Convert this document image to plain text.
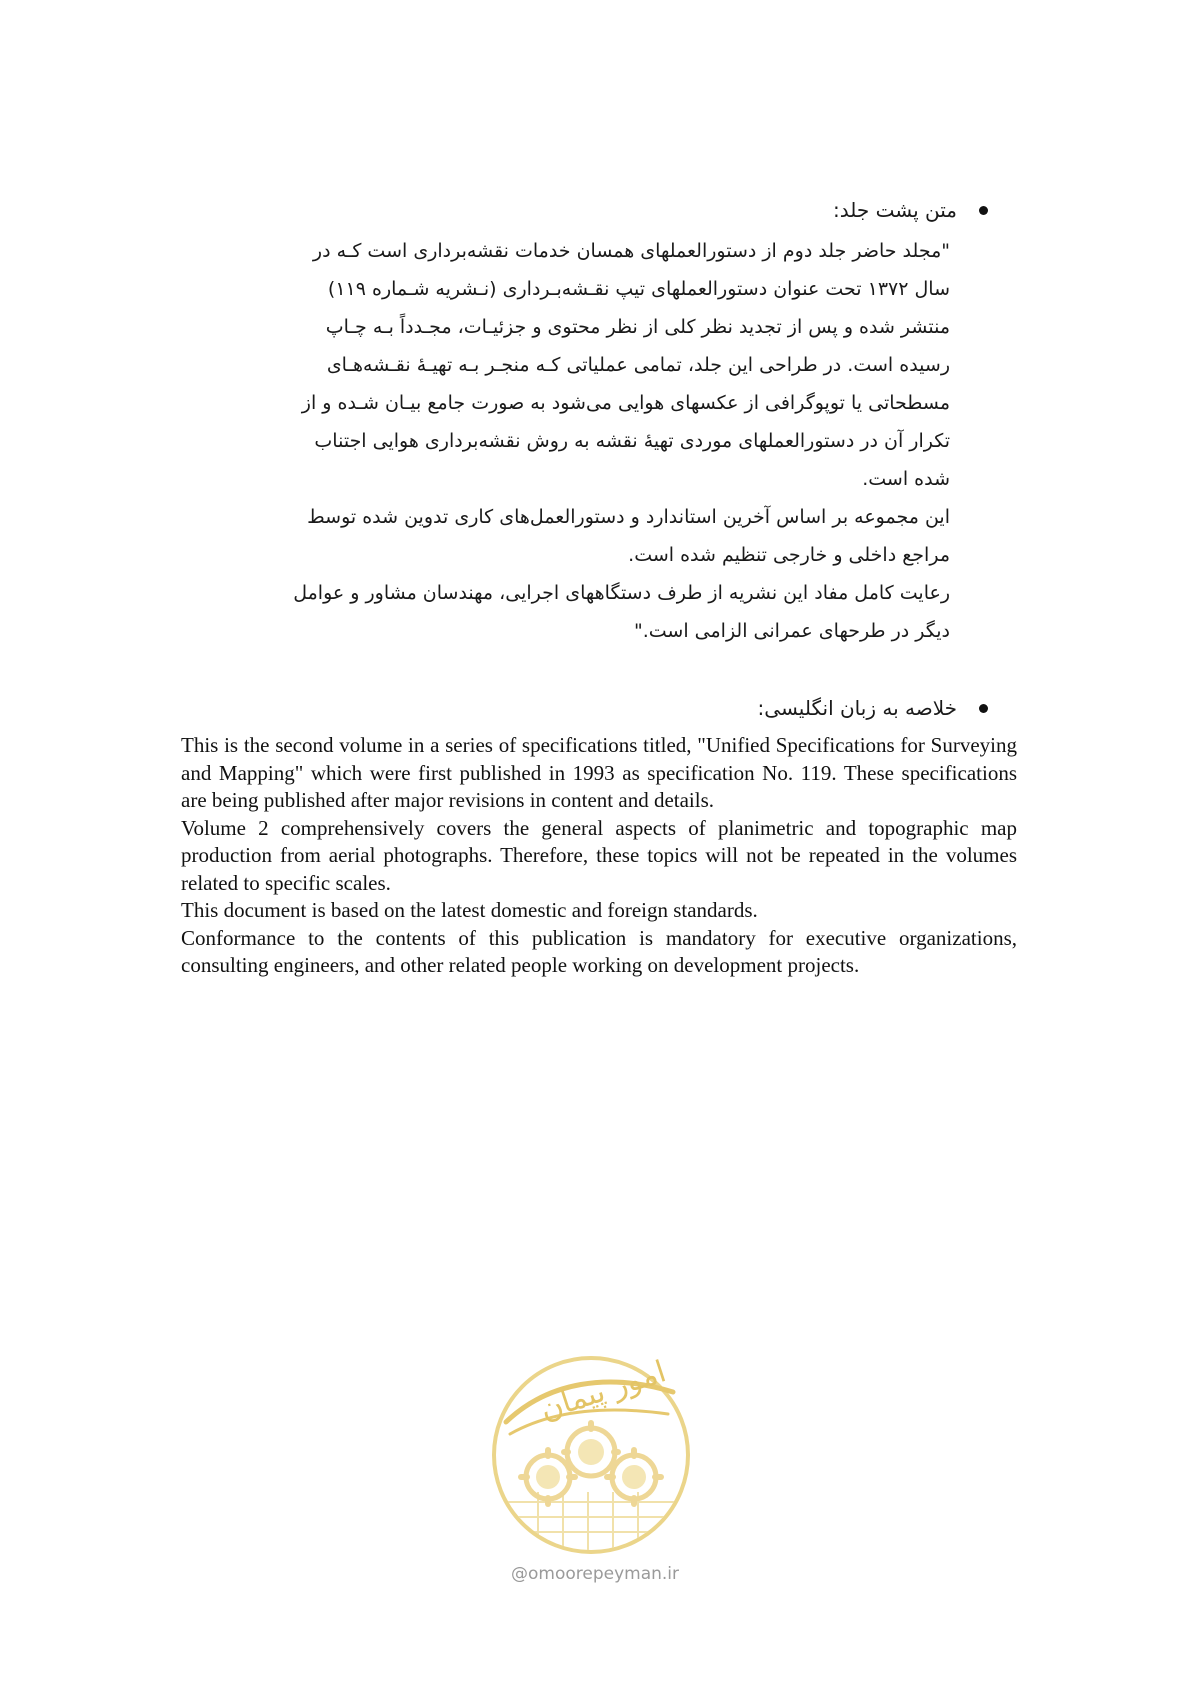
متن پشت جلد:
"مجلد حاضر جلد دوم از دستورالعملهای همسان خدمات نقشه‌برداری است کـه در
سال ۱۳۷۲ تحت عنوان دستورالعملهای تیپ نقـشه‌بـرداری (نـشریه شـماره ۱۱۹)
منتشر شده و پس از تجدید نظر کلی از نظر محتوی و جزئیـات، مجـدداً بـه چـاپ
رسیده است. در طراحی این جلد، تمامی عملیاتی کـه منجـر بـه تهیـهٔ نقـشه‌هـای
مسطحاتی یا توپوگرافی از عکسهای هوایی می‌شود به صورت جامع بیـان شـده و از
تکرار آن در دستورالعملهای موردی تهیهٔ نقشه به روش نقشه‌برداری هوایی اجتناب
شده است.
این مجموعه بر اساس آخرین استاندارد و دستورالعمل‌های کاری تدوین شده توسط
مراجع داخلی و خارجی تنظیم شده است.
رعایت کامل مفاد این نشریه از طرف دستگاههای اجرایی، مهندسان مشاور و عوامل
دیگر در طرحهای عمرانی الزامی است."
خلاصه به زبان انگلیسی:

This is the second volume in a series of specifications titled, "Unified Specifications for Surveying and Mapping" which were first published in 1993 as specification No. 119. These specifications are being published after major revisions in content and details.

Volume 2 comprehensively covers the general aspects of planimetric and topographic map production from aerial photographs. Therefore, these topics will not be repeated in the volumes related to specific scales.

This document is based on the latest domestic and foreign standards.

Conformance to the contents of this publication is mandatory for executive organizations, consulting engineers, and other related people working on development projects.

امور پیمان
@omoorepeyman.ir
